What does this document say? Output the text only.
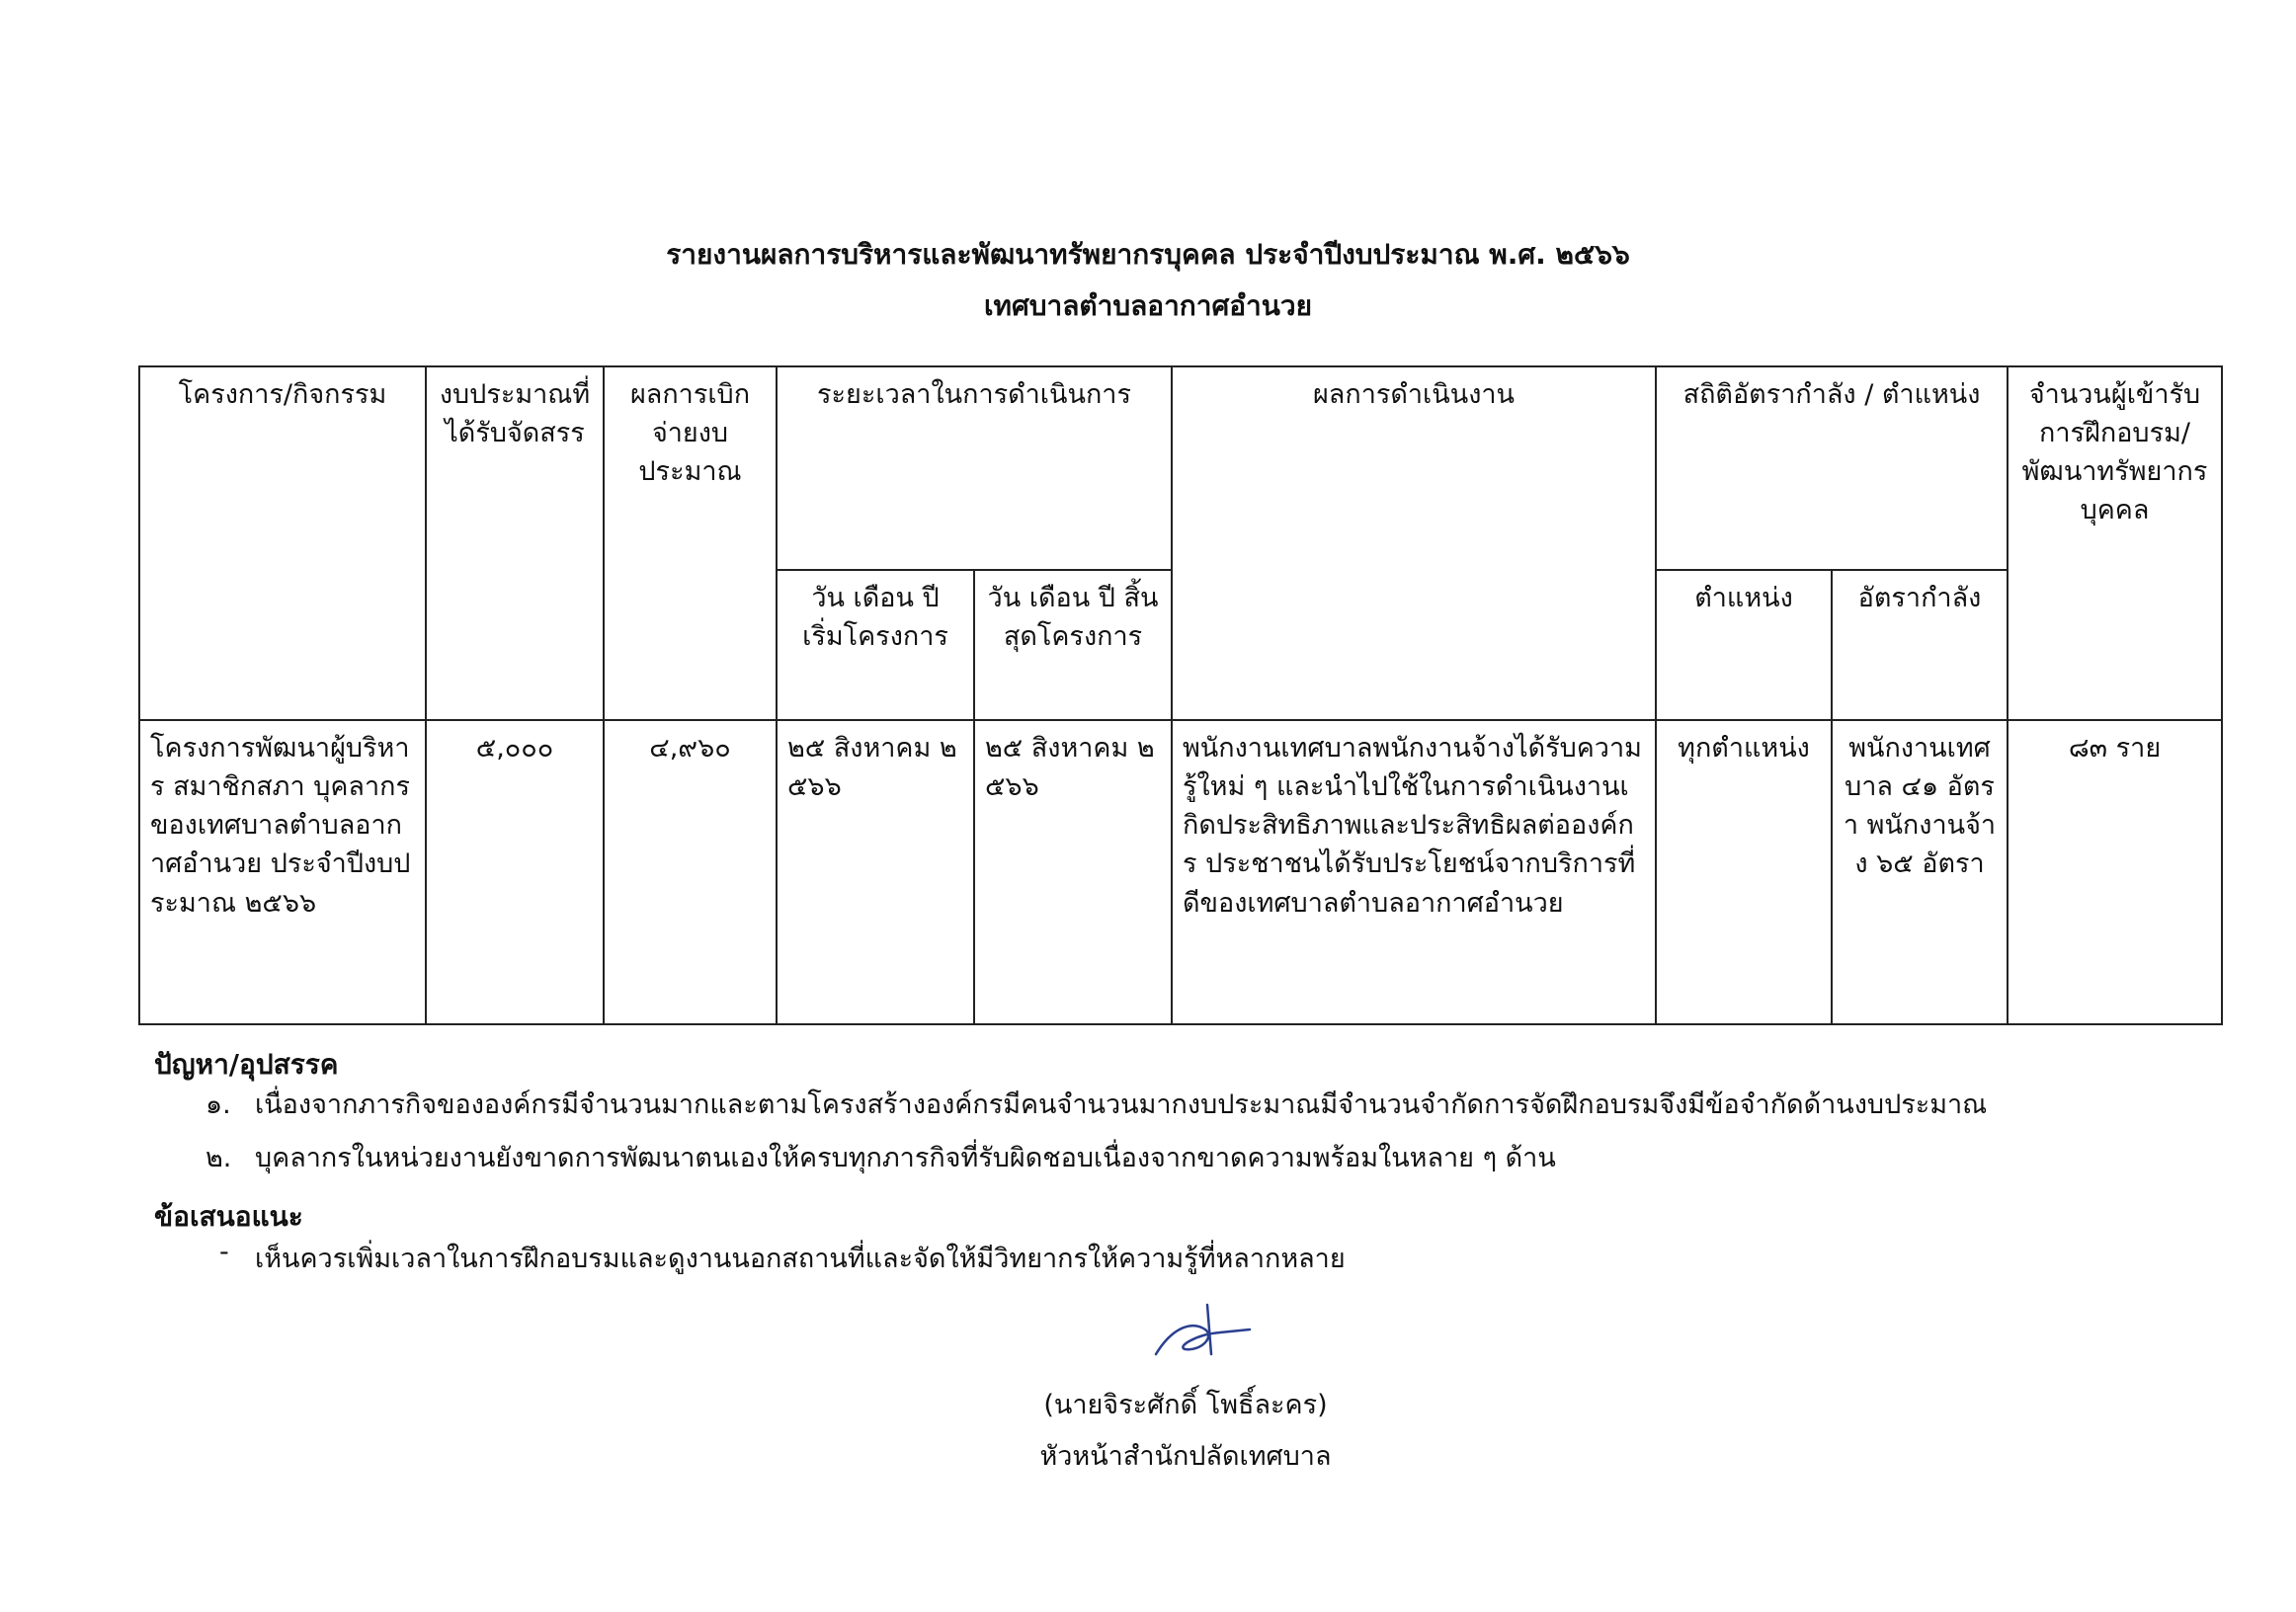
รายงานผลการบริหารและพัฒนาทรัพยากรบุคคล ประจำปีงบประมาณ พ.ศ. ๒๕๖๖
เทศบาลตำบลอากาศอำนวย
โครงการ/กิจกรรม	งบประมาณที่ได้รับจัดสรร	ผลการเบิกจ่ายงบประมาณ	ระยะเวลาในการดำเนินการ		ผลการดำเนินงาน	สถิติอัตรากำลัง / ตำแหน่ง		จำนวนผู้เข้ารับการฝึกอบรม/พัฒนาทรัพยากรบุคคล
			วัน เดือน ปี เริ่มโครงการ	วัน เดือน ปี สิ้นสุดโครงการ		ตำแหน่ง	อัตรากำลัง	
โครงการพัฒนาผู้บริหาร สมาชิกสภา บุคลากรของเทศบาลตำบลอากาศอำนวย ประจำปีงบประมาณ ๒๕๖๖	๕,๐๐๐	๔,๙๖๐	๒๕ สิงหาคม ๒๕๖๖	๒๕ สิงหาคม ๒๕๖๖	พนักงานเทศบาลพนักงานจ้างได้รับความรู้ใหม่ ๆ และนำไปใช้ในการดำเนินงานเกิดประสิทธิภาพและประสิทธิผลต่อองค์กร ประชาชนได้รับประโยชน์จากบริการที่ดีของเทศบาลตำบลอากาศอำนวย	ทุกตำแหน่ง	พนักงานเทศบาล ๔๑ อัตรา พนักงานจ้าง ๖๕ อัตรา	๘๓ ราย
ปัญหา/อุปสรรค
๑. เนื่องจากภารกิจขององค์กรมีจำนวนมากและตามโครงสร้างองค์กรมีคนจำนวนมากงบประมาณมีจำนวนจำกัดการจัดฝึกอบรมจึงมีข้อจำกัดด้านงบประมาณ
๒. บุคลากรในหน่วยงานยังขาดการพัฒนาตนเองให้ครบทุกภารกิจที่รับผิดชอบเนื่องจากขาดความพร้อมในหลาย ๆ ด้าน
ข้อเสนอแนะ
- เห็นควรเพิ่มเวลาในการฝึกอบรมและดูงานนอกสถานที่และจัดให้มีวิทยากรให้ความรู้ที่หลากหลาย
(นายจิระศักดิ์ โพธิ์ละคร)
หัวหน้าสำนักปลัดเทศบาล
